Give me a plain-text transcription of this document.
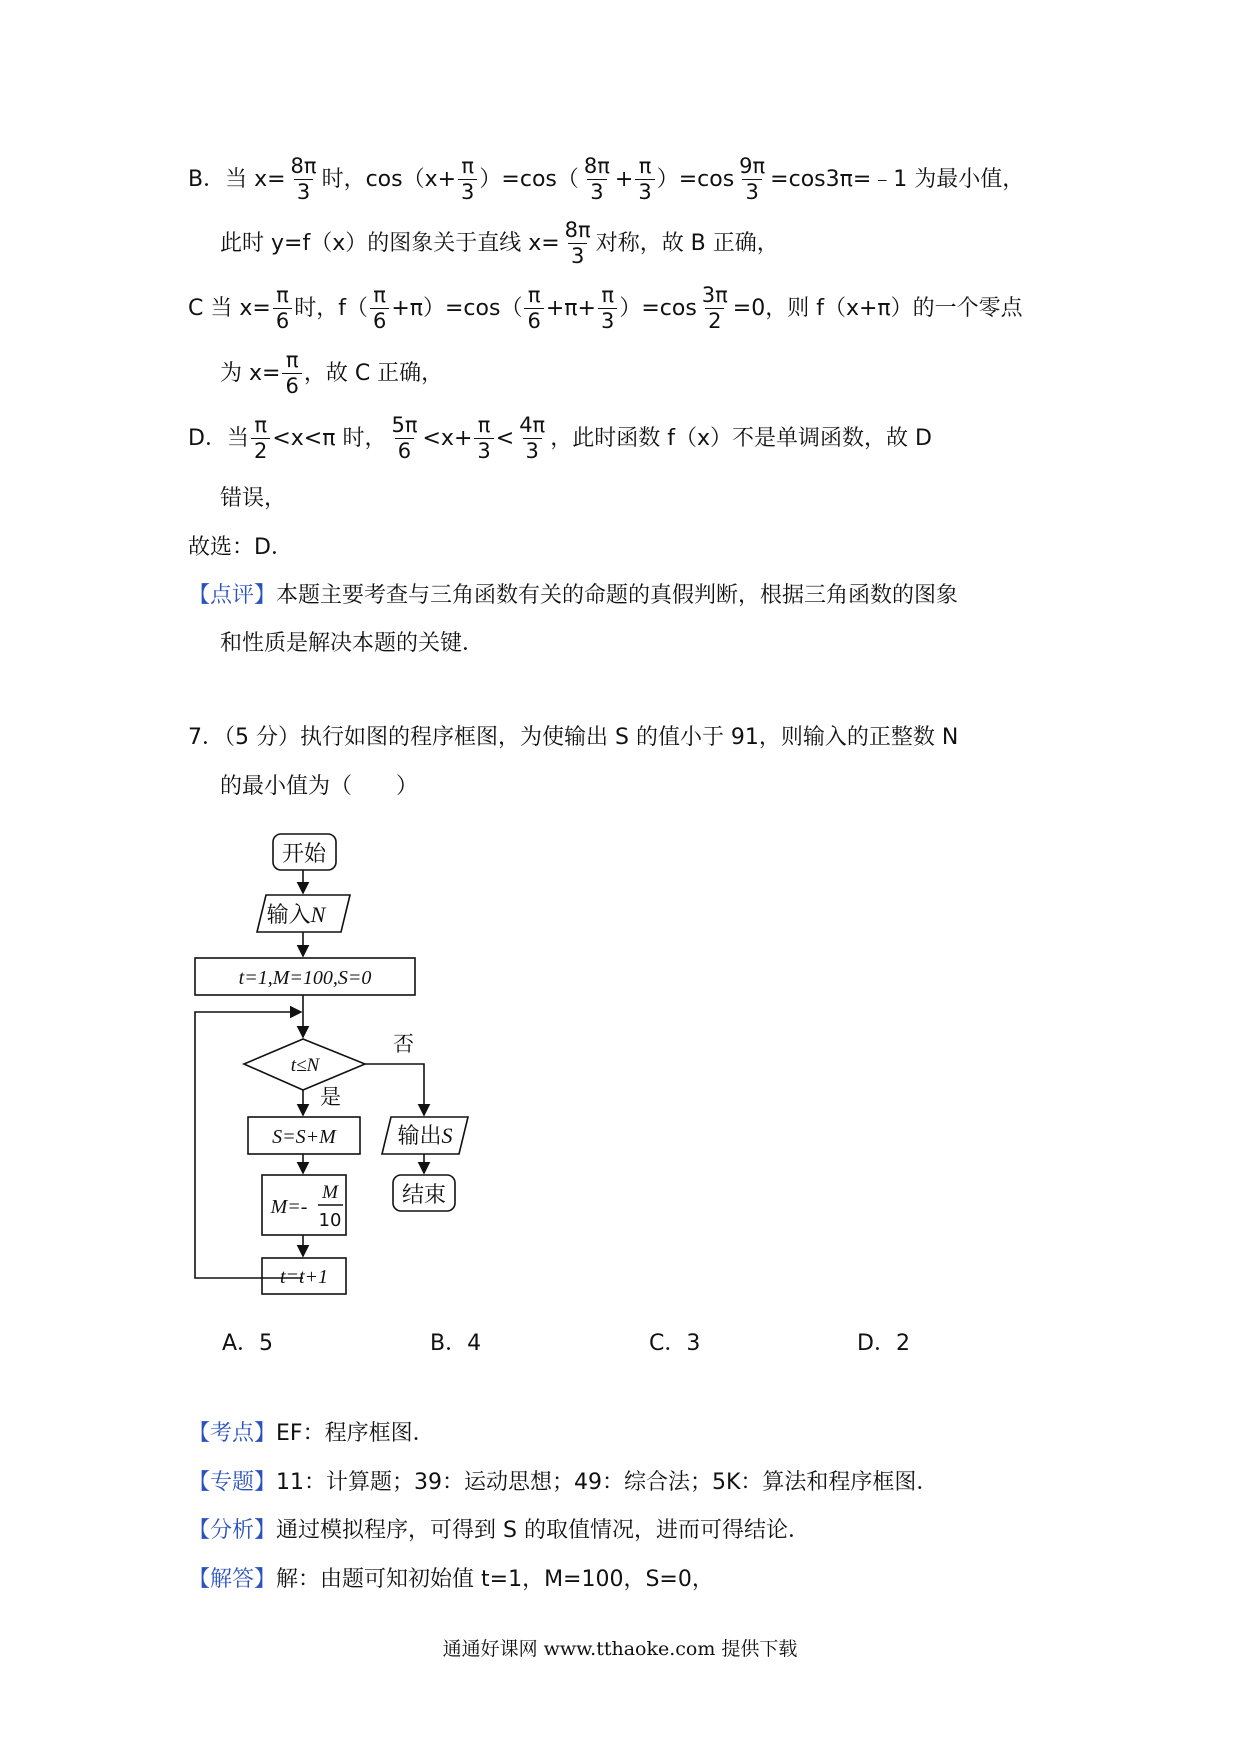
B．当 $x= \frac{8\pi}{3}$ 时，$\cos(x+ \frac{\pi}{3} )=\cos( \frac{8\pi}{3} + \frac{\pi}{3} )=\cos \frac{9\pi}{3}$ =cos3π=﹣1 为最小值，
此时 y=f（x）的图象关于直线 $x= \frac{8\pi}{3}$ 对称，故 B 正确，
C 当 $x= \frac{\pi}{6}$ 时，$f( \frac{\pi}{6} +\pi)=\cos( \frac{\pi}{6} +\pi+ \frac{\pi}{3} )=\cos \frac{3\pi}{2} =0$，则 f（x+π）的一个零点
为 $x= \frac{\pi}{6}$ ，故 C 正确，
D．当 $\frac{\pi}{2} <x<\pi$ 时， $\frac{5\pi}{6} <x+ \frac{\pi}{3} < \frac{4\pi}{3}$ ，此时函数 f（x）不是单调函数，故 D
错误，
故选：D．
【点评】 本题主要考查与三角函数有关的命题的真假判断，根据三角函数的图象
和性质是解决本题的关键．
7．（5 分）执行如图的程序框图，为使输出 S 的值小于 91，则输入的正整数 N
的最小值为（　　）
开始
输入N
t=1,M=100,S=0
t≤N
否
是
S=S+M
M=-
M
10
t=t+1
输出S
结束
A．5	B．4	C．3	D．2
【考点】 EF：程序框图．
【专题】 11：计算题；39：运动思想；49：综合法；5K：算法和程序框图．
【分析】 通过模拟程序，可得到 S 的取值情况，进而可得结论．
【解答】 解：由题可知初始值 t=1，M=100，S=0，
通通好课网 www.tthaoke.com 提供下载
